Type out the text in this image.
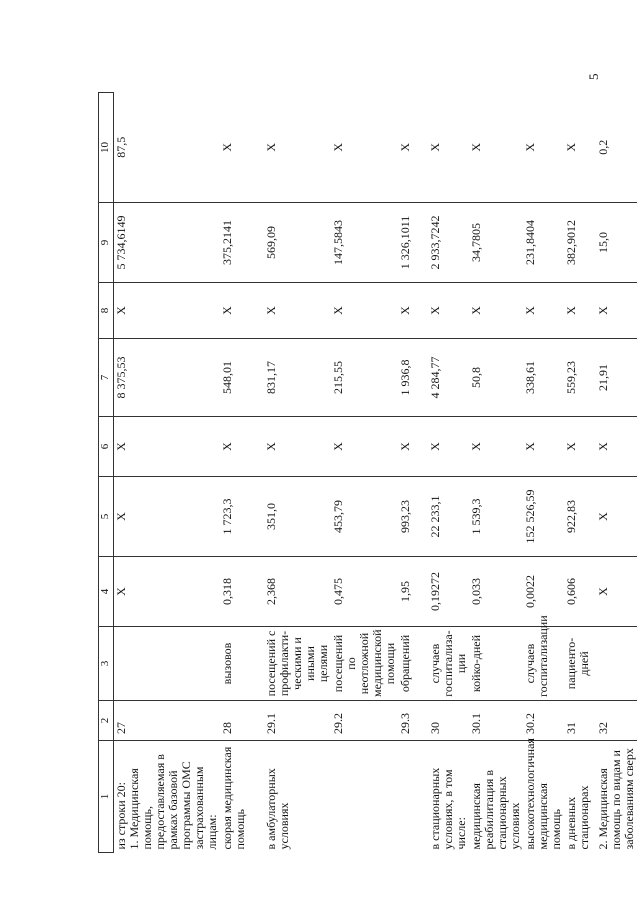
5
1	2	3	4	5	6	7	8	9	10
из строки 20:
1. Медицинская помощь, предоставляемая в рамках базовой программы ОМС застрахованным лицам:	27		X	X	X	8 375,53	X	5 734,6149	87,5
скорая медицинская помощь	28	вызовов	0,318	1 723,3	X	548,01	X	375,2141	X
в амбулаторных условиях	29.1	посещений с профилакти-ческими и иными целями	2,368	351,0	X	831,17	X	569,09	X
	29.2	посещений по неотложной медицинской помощи	0,475	453,79	X	215,55	X	147,5843	X
	29.3	обращений	1,95	993,23	X	1 936,8	X	1 326,1011	X
в стационарных условиях, в том числе:	30	случаев госпитализа-ции	0,19272	22 233,1	X	4 284,77	X	2 933,7242	X
медицинская реабилитация в стационарных условиях	30.1	койко-дней	0,033	1 539,3	X	50,8	X	34,7805	X
высокотехнологичная медицинская помощь	30.2	случаев госпитализации	0,0022	152 526,59	X	338,61	X	231,8404	X
в дневных стационарах	31	пациенто-дней	0,606	922,83	X	559,23	X	382,9012	X
2. Медицинская помощь по видам и заболеваниям сверх	32		X	X	X	21,91	X	15,0	0,2
